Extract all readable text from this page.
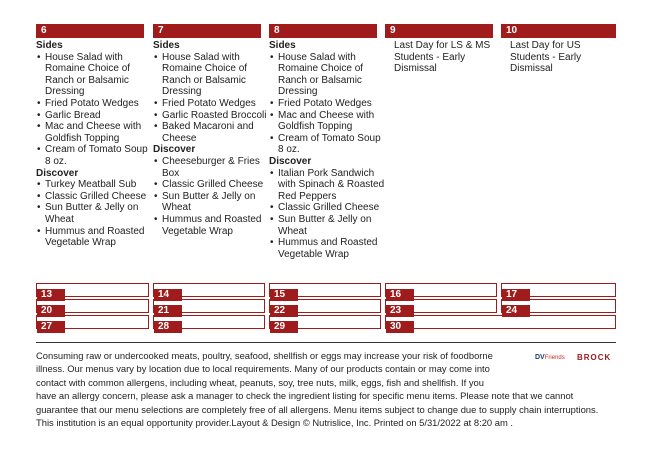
6
Sides
• House Salad with Romaine Choice of Ranch or Balsamic Dressing
• Fried Potato Wedges
• Garlic Bread
• Mac and Cheese with Goldfish Topping
• Cream of Tomato Soup 8 oz.
Discover
• Turkey Meatball Sub
• Classic Grilled Cheese
• Sun Butter & Jelly on Wheat
• Hummus and Roasted Vegetable Wrap
7
Sides
• House Salad with Romaine Choice of Ranch or Balsamic Dressing
• Fried Potato Wedges
• Garlic Roasted Broccoli
• Baked Macaroni and Cheese
Discover
• Cheeseburger & Fries Box
• Classic Grilled Cheese
• Sun Butter & Jelly on Wheat
• Hummus and Roasted Vegetable Wrap
8
Sides
• House Salad with Romaine Choice of Ranch or Balsamic Dressing
• Fried Potato Wedges
• Mac and Cheese with Goldfish Topping
• Cream of Tomato Soup 8 oz.
Discover
• Italian Pork Sandwich with Spinach & Roasted Red Peppers
• Classic Grilled Cheese
• Sun Butter & Jelly on Wheat
• Hummus and Roasted Vegetable Wrap
9
Last Day for LS & MS Students - Early Dismissal
10
Last Day for US Students - Early Dismissal
13	14	15	16	17
20	21	22	23	24
27	28	29	30
DVFriends BROCK
Consuming raw or undercooked meats, poultry, seafood, shellfish or eggs may increase your risk of foodborne illness. Our menus vary by location due to local requirements. Many of our products contain or may come into contact with common allergens, including wheat, peanuts, soy, tree nuts, milk, eggs, fish and shellfish. If you
have an allergy concern, please ask a manager to check the ingredient listing for specific menu items. Please note that we cannot guarantee that our menu selections are completely free of all allergens. Menu items subject to change due to supply chain interruptions.
This institution is an equal opportunity provider.Layout & Design © Nutrislice, Inc. Printed on 5/31/2022 at 8:20 am .
